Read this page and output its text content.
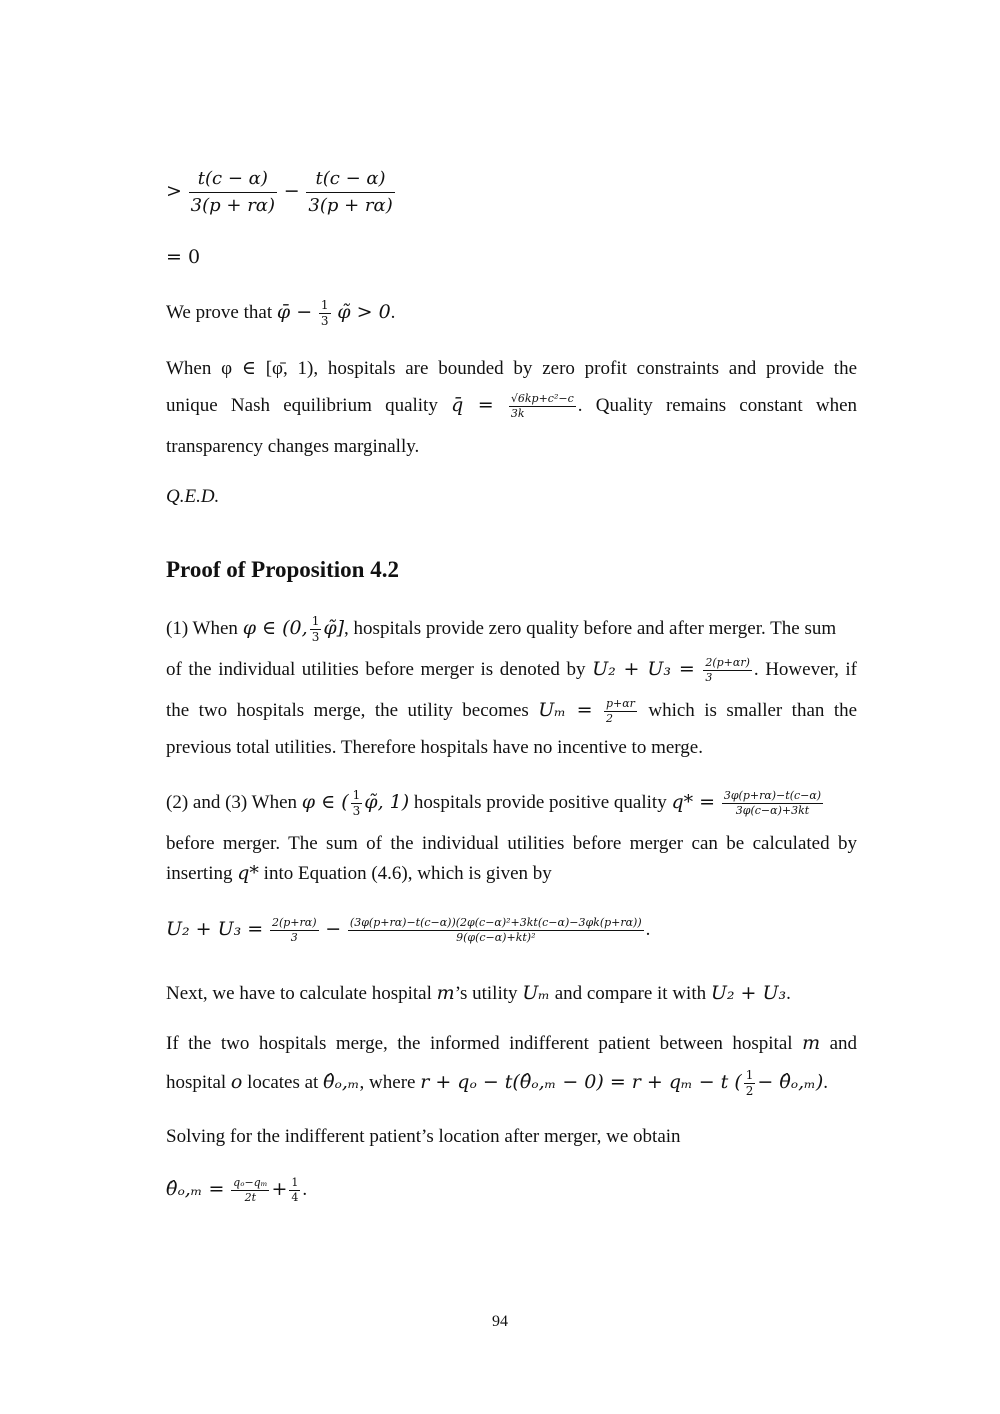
> $\frac{t(c - \alpha)}{3(p + r\alpha)} - \frac{t(c - \alpha)}{3(p + r\alpha)}$
= 0
We prove that φ̄ − $\frac{1}{3}$ φ̃ > 0.
When φ ∈ [φ̄, 1), hospitals are bounded by zero profit constraints and provide the
unique Nash equilibrium quality q̄ = $\frac{\text{√6kp+c²−c}}{3k}$ . Quality remains constant when
transparency changes marginally.
Q.E.D.
Proof of Proposition 4.2
(1) When φ ∈ (0, $\frac{1}{3}$ φ̃], hospitals provide zero quality before and after merger. The sum
of the individual utilities before merger is denoted by $U_2 + U_3 = \frac{2(p+\alpha r)}{3}$ . However, if
the two hospitals merge, the utility becomes $U_m = \frac{p+\alpha r}{2}$ which is smaller than the
previous total utilities. Therefore hospitals have no incentive to merge.
(2) and (3) When φ ∈ ( $\frac{1}{3}$ φ̃, 1) hospitals provide positive quality $q* = \frac{3\varphi(p+r\alpha)-t(c-\alpha)}{3\varphi(c-\alpha)+3kt}$
before merger. The sum of the individual utilities before merger can be calculated by
inserting q* into Equation (4.6), which is given by
$U_2 + U_3 = \frac{2(p+r\alpha)}{3} - \frac{\text{(3φ(p+rα)−t(c−α))(2φ(c−α)²+3kt(c−α)−3φk(p+rα))}}{\text{9(φ(c−α)+kt)²}}$ .
Next, we have to calculate hospital m’s utility Uₘ and compare it with U₂ + U₃.
If the two hospitals merge, the informed indifferent patient between hospital m and
hospital o locates at θ̂ₒ,ₘ, where r + qₒ − t(θ̂ₒ,ₘ − 0) = r + qₘ − t ( $\frac{1}{2}$ − θ̂ₒ,ₘ).
Solving for the indifferent patient’s location after merger, we obtain
θ̂ₒ,ₘ = $\frac{\text{qₒ−qₘ}}{2t} + \frac{1}{4}$ .
94
